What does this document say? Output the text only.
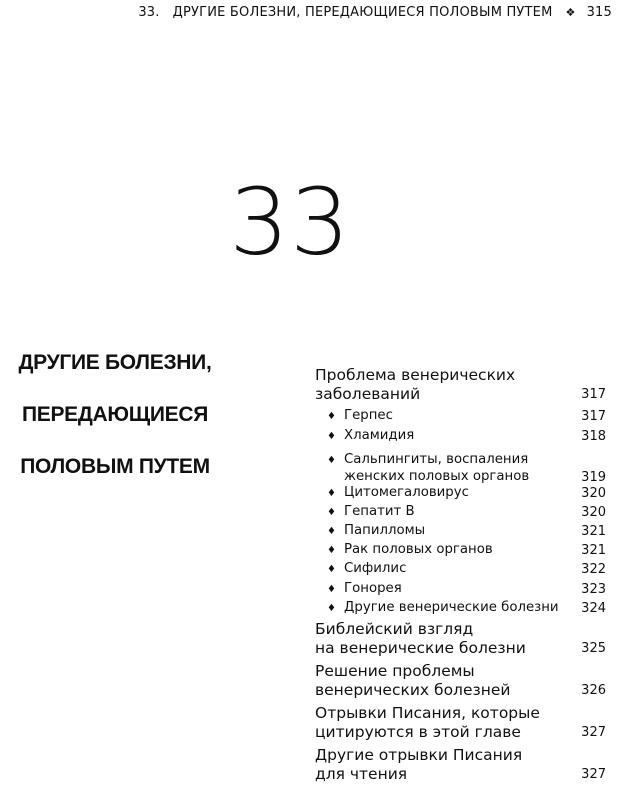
33. ДРУГИЕ БОЛЕЗНИ, ПЕРЕДАЮЩИЕСЯ ПОЛОВЫМ ПУТЕМ ❖ 315
33
ДРУГИЕ БОЛЕЗНИ,
ПЕРЕДАЮЩИЕСЯ
ПОЛОВЫМ ПУТЕМ
Проблема венерических
заболеваний	317
♦ Герпес	317
♦ Хламидия	318
♦ Сальпингиты, воспаления
женских половых органов	319
♦ Цитомегаловирус	320
♦ Гепатит В	320
♦ Папилломы	321
♦ Рак половых органов	321
♦ Сифилис	322
♦ Гонорея	323
♦ Другие венерические болезни 324
Библейский взгляд
на венерические болезни	325
Решение проблемы
венерических болезней	326
Отрывки Писания, которые
цитируются в этой главе	327
Другие отрывки Писания
для чтения	327
